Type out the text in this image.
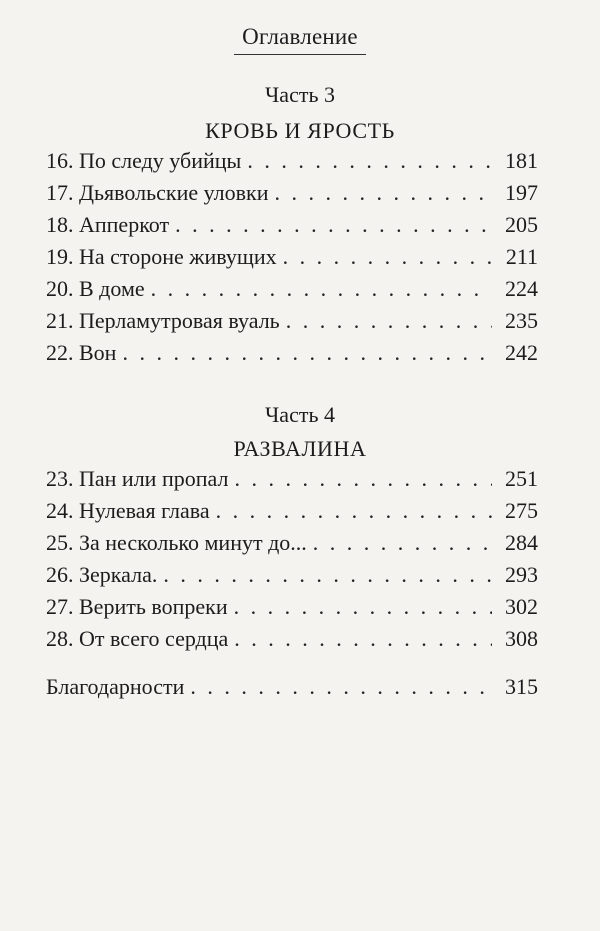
Оглавление
Часть 3
КРОВЬ И ЯРОСТЬ
16. По следу убийцы . . .	181
17. Дьявольские уловки . . .	197
18. Апперкот . . .	205
19. На стороне живущих . . .	211
20. В доме . . .	224
21. Перламутровая вуаль . . .	235
22. Вон . . .	242
Часть 4
РАЗВАЛИНА
23. Пан или пропал . . .	251
24. Нулевая глава . . .	275
25. За несколько минут до... . . .	284
26. Зеркала. . . .	293
27. Верить вопреки . . .	302
28. От всего сердца . . .	308
Благодарности . . .	315
